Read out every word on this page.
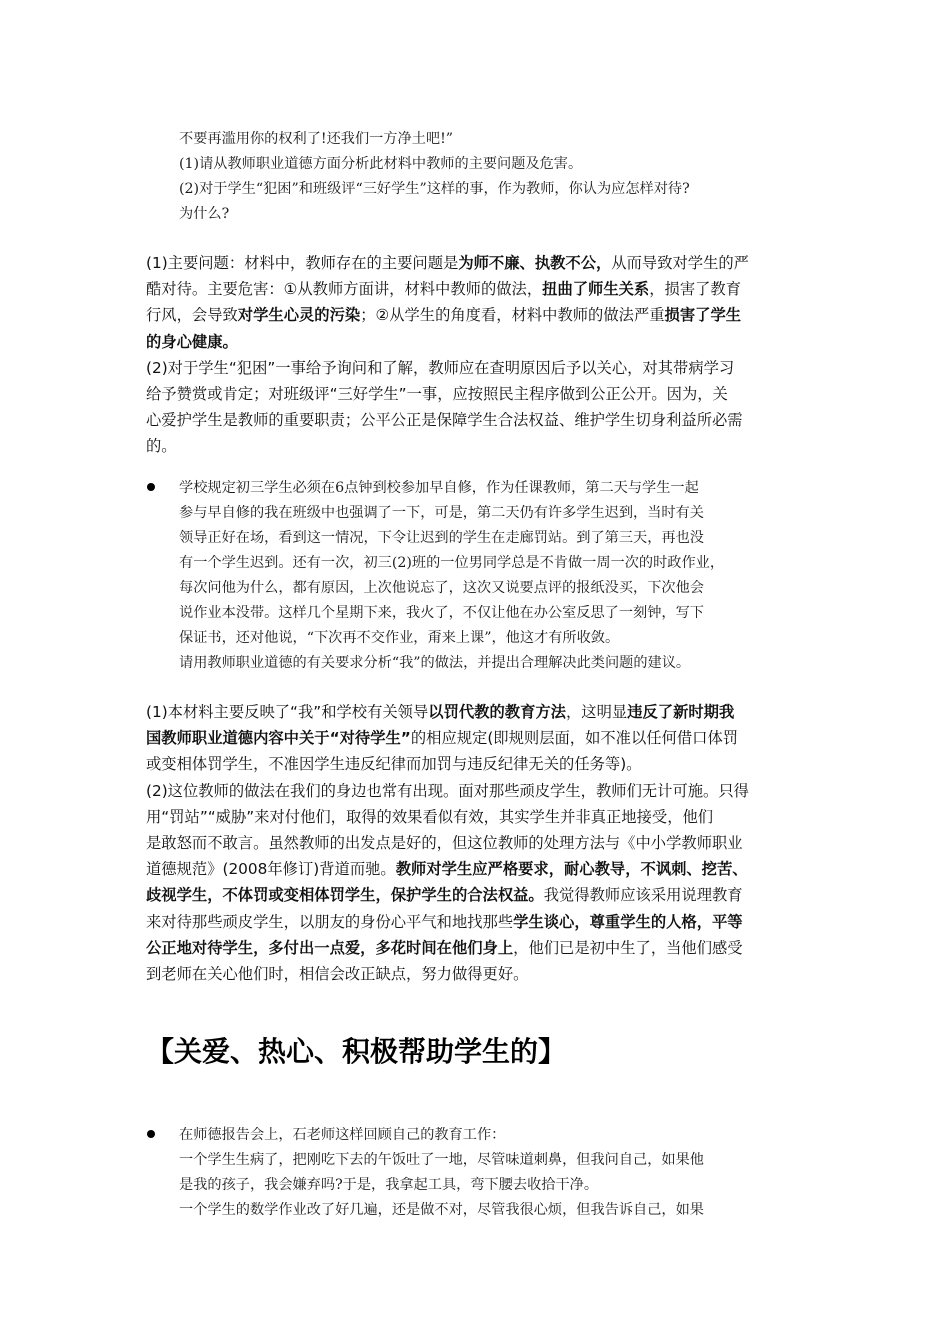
不要再滥用你的权利了!还我们一方净土吧!”
(1)请从教师职业道德方面分析此材料中教师的主要问题及危害。
(2)对于学生“犯困”和班级评“三好学生”这样的事，作为教师，你认为应怎样对待?
为什么?
(1)主要问题：材料中，教师存在的主要问题是为师不廉、执教不公，从而导致对学生的严
酷对待。主要危害：①从教师方面讲，材料中教师的做法，扭曲了师生关系，损害了教育
行风，会导致对学生心灵的污染；②从学生的角度看，材料中教师的做法严重损害了学生
的身心健康。
(2)对于学生“犯困”一事给予询问和了解，教师应在查明原因后予以关心，对其带病学习
给予赞赏或肯定；对班级评“三好学生”一事，应按照民主程序做到公正公开。因为，关
心爱护学生是教师的重要职责；公平公正是保障学生合法权益、维护学生切身利益所必需
的。
学校规定初三学生必须在6点钟到校参加早自修，作为任课教师，第二天与学生一起
参与早自修的我在班级中也强调了一下，可是，第二天仍有许多学生迟到，当时有关
领导正好在场，看到这一情况，下令让迟到的学生在走廊罚站。到了第三天，再也没
有一个学生迟到。还有一次，初三(2)班的一位男同学总是不肯做一周一次的时政作业，
每次问他为什么，都有原因，上次他说忘了，这次又说要点评的报纸没买，下次他会
说作业本没带。这样几个星期下来，我火了，不仅让他在办公室反思了一刻钟，写下
保证书，还对他说，“下次再不交作业，甭来上课”，他这才有所收敛。
请用教师职业道德的有关要求分析“我”的做法，并提出合理解决此类问题的建议。
(1)本材料主要反映了“我”和学校有关领导以罚代教的教育方法，这明显违反了新时期我
国教师职业道德内容中关于“对待学生”的相应规定(即规则层面，如不准以任何借口体罚
或变相体罚学生，不准因学生违反纪律而加罚与违反纪律无关的任务等)。
(2)这位教师的做法在我们的身边也常有出现。面对那些顽皮学生，教师们无计可施。只得
用“罚站”“威胁”来对付他们，取得的效果看似有效，其实学生并非真正地接受，他们
是敢怒而不敢言。虽然教师的出发点是好的，但这位教师的处理方法与《中小学教师职业
道德规范》(2008年修订)背道而驰。教师对学生应严格要求，耐心教导，不讽刺、挖苦、
歧视学生，不体罚或变相体罚学生，保护学生的合法权益。我觉得教师应该采用说理教育
来对待那些顽皮学生，以朋友的身份心平气和地找那些学生谈心，尊重学生的人格，平等
公正地对待学生，多付出一点爱，多花时间在他们身上，他们已是初中生了，当他们感受
到老师在关心他们时，相信会改正缺点，努力做得更好。
【关爱、热心、积极帮助学生的】
在师德报告会上，石老师这样回顾自己的教育工作：
一个学生生病了，把刚吃下去的午饭吐了一地，尽管味道刺鼻，但我问自己，如果他
是我的孩子，我会嫌弃吗?于是，我拿起工具，弯下腰去收拾干净。
一个学生的数学作业改了好几遍，还是做不对，尽管我很心烦，但我告诉自己，如果
